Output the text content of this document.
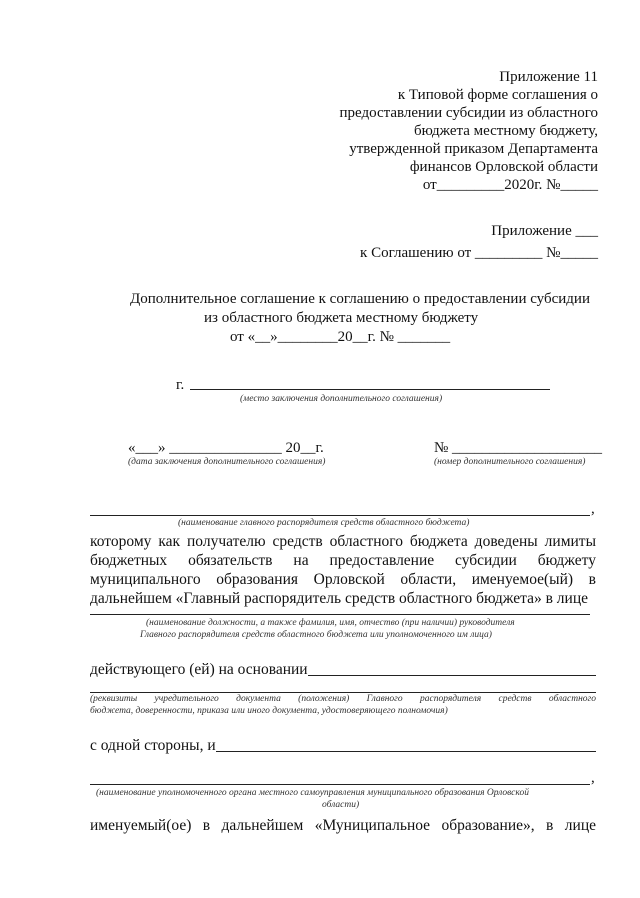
Приложение 11
к Типовой форме соглашения о
предоставлении субсидии из областного
бюджета местному бюджету,
утвержденной приказом Департамента
финансов Орловской области
от_________2020г. №_____
Приложение ___
к Соглашению от _________ №_____
Дополнительное соглашение к соглашению о предоставлении субсидии
из областного бюджета местному бюджету
от «__»________20__г. № _______
г.
(место заключения дополнительного соглашения)
«___» _______________ 20__г.
(дата заключения дополнительного соглашения)
№ ____________________
(номер дополнительного соглашения)
,
(наименование главного распорядителя средств областного бюджета)
которому как получателю средств областного бюджета доведены лимиты
бюджетных обязательств на предоставление субсидии бюджету
муниципального образования Орловской области, именуемое(ый) в
дальнейшем «Главный распорядитель средств областного бюджета» в лице
(наименование должности, а также фамилия, имя, отчество (при наличии) руководителя
Главного распорядителя средств областного бюджета или уполномоченного им лица)
действующего (ей) на основании
(реквизиты учредительного документа (положения) Главного распорядителя средств областного
бюджета, доверенности, приказа или иного документа, удостоверяющего полномочия)
с одной стороны, и
,
(наименование уполномоченного органа местного самоуправления муниципального образования Орловской
области)
именуемый(ое) в дальнейшем «Муниципальное образование», в лице
